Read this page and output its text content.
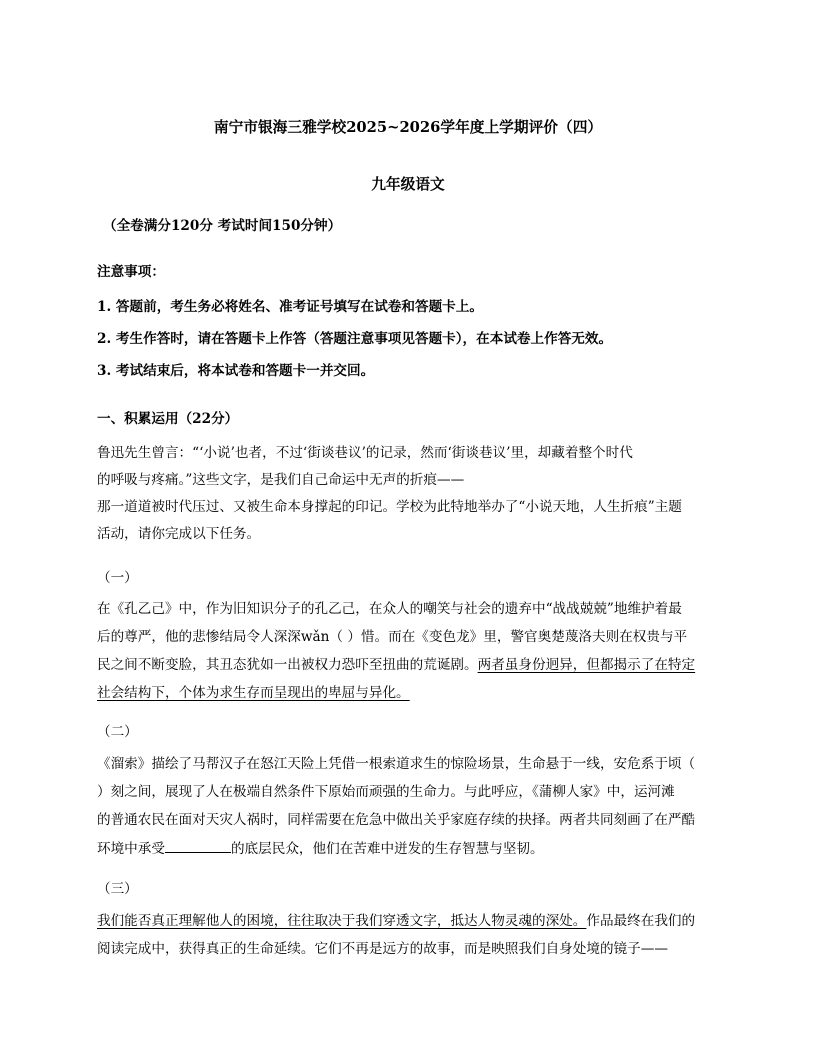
南宁市银海三雅学校2025~2026学年度上学期评价（四）
九年级语文
（全卷满分120分 考试时间150分钟）
注意事项：
1. 答题前，考生务必将姓名、准考证号填写在试卷和答题卡上。
2. 考生作答时，请在答题卡上作答（答题注意事项见答题卡），在本试卷上作答无效。
3. 考试结束后，将本试卷和答题卡一并交回。
一、积累运用（22分）
鲁迅先生曾言：“‘小说’也者，不过‘街谈巷议’的记录，然而‘街谈巷议’里，却藏着整个时代
的呼吸与疼痛。”这些文字，是我们自己命运中无声的折痕——
那一道道被时代压过、又被生命本身撑起的印记。学校为此特地举办了“小说天地，人生折痕”主题
活动，请你完成以下任务。
（一）
在《孔乙己》中，作为旧知识分子的孔乙己，在众人的嘲笑与社会的遗弃中“战战兢兢”地维护着最
后的尊严，他的悲惨结局令人深深wǎn（ ）惜。而在《变色龙》里，警官奥楚蔑洛夫则在权贵与平
民之间不断变脸，其丑态犹如一出被权力恐吓至扭曲的荒诞剧。两者虽身份迥异，但都揭示了在特定
社会结构下，个体为求生存而呈现出的卑屈与异化。
（二）
《溜索》描绘了马帮汉子在怒江天险上凭借一根索道求生的惊险场景，生命悬于一线，安危系于顷（
）刻之间，展现了人在极端自然条件下原始而顽强的生命力。与此呼应，《蒲柳人家》中，运河滩
的普通农民在面对天灾人祸时，同样需要在危急中做出关乎家庭存续的抉择。两者共同刻画了在严酷
环境中承受	的底层民众，他们在苦难中迸发的生存智慧与坚韧。
（三）
我们能否真正理解他人的困境，往往取决于我们穿透文字，抵达人物灵魂的深处。作品最终在我们的
阅读完成中，获得真正的生命延续。它们不再是远方的故事，而是映照我们自身处境的镜子——
